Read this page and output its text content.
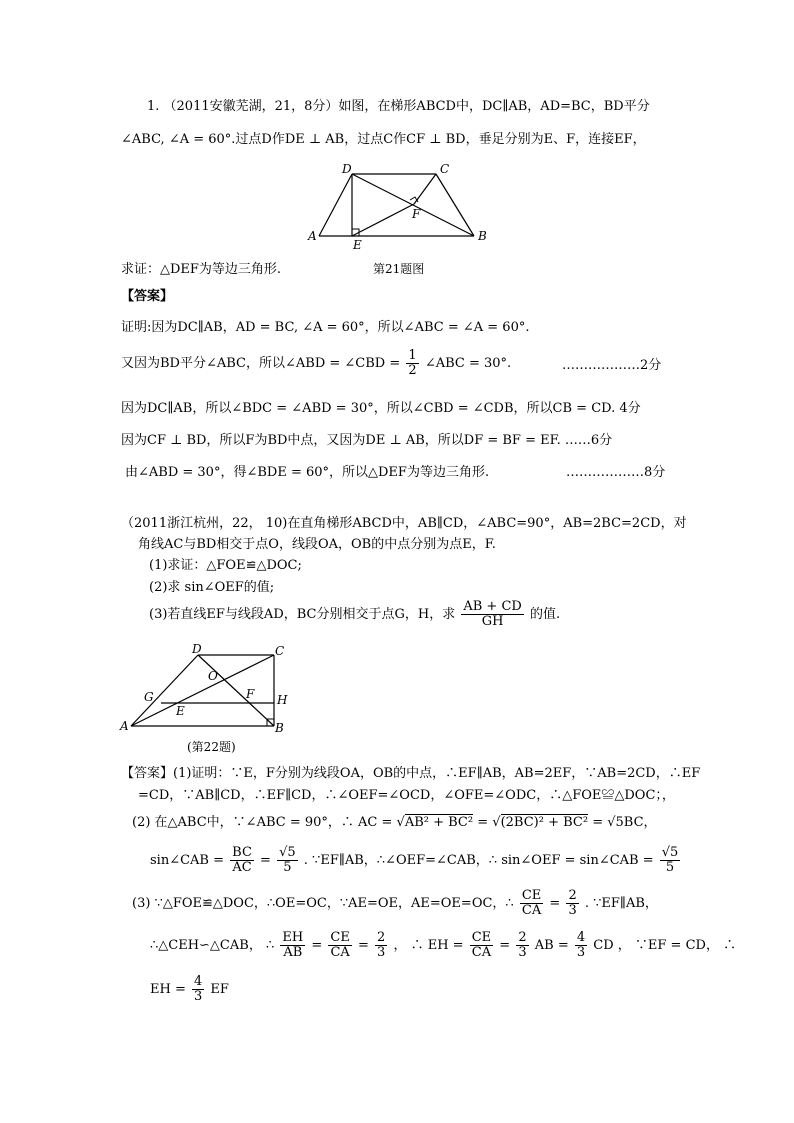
1. （2011安徽芜湖，21，8分）如图，在梯形ABCD中，DC∥AB，AD=BC，BD平分
∠ABC, ∠A = 60°.过点D作DE ⊥ AB，过点C作CF ⊥ BD，垂足分别为E、F，连接EF，
D	C
A
E
F
B
求证：△DEF为等边三角形.	第21题图
【答案】
证明:因为DC∥AB，AD = BC, ∠A = 60°，所以∠ABC = ∠A = 60°.
又因为BD平分∠ABC，所以∠ABD = ∠CBD = $\frac{1}{2}$ ∠ABC = 30°.	………………2分
因为DC∥AB，所以∠BDC = ∠ABD = 30°，所以∠CBD = ∠CDB，所以CB = CD. 4分
因为CF ⊥ BD，所以F为BD中点，又因为DE ⊥ AB，所以DF = BF = EF. ……6分
由∠ABD = 30°，得∠BDE = 60°，所以△DEF为等边三角形.	………………8分
（2011浙江杭州，22， 10)在直角梯形ABCD中，AB∥CD，∠ABC=90°，AB=2BC=2CD，对
角线AC与BD相交于点O，线段OA，OB的中点分别为点E，F.
(1)求证：△FOE≌△DOC;
(2)求 sin∠OEF的值;
(3)若直线EF与线段AD，BC分别相交于点G，H，求 $\frac{AB + CD}{GH}$ 的值.
D	C
O
G	F H
E
A	B
(第22题)
【答案】(1)证明：∵E，F分别为线段OA，OB的中点，∴EF∥AB，AB=2EF，∵AB=2CD，∴EF
=CD，∵AB∥CD，∴EF∥CD，∴∠OEF=∠OCD，∠OFE=∠ODC，∴△FOE≌△DOC；，
(2) 在△ABC中，∵∠ABC = 90°，∴ AC = √AB² + BC² = √(2BC)² + BC² = √5BC，
sin∠CAB = $\frac{BC}{AC} = \frac{√5}{5}$ . ∵EF∥AB，∴∠OEF=∠CAB，∴ sin∠OEF = sin∠CAB = $\frac{√5}{5}$
(3) ∵△FOE≌△DOC，∴OE=OC，∵AE=OE，AE=OE=OC，∴ $\frac{CE}{CA} = \frac{2}{3}$ . ∵EF∥AB，
∴△CEH∽△CAB， ∴ $\frac{EH}{AB} = \frac{CE}{CA} = \frac{2}{3}$ ， ∴ EH = $\frac{CE}{CA} = \frac{2}{3}$ AB = $\frac{4}{3}$ CD ， ∵EF = CD， ∴
EH = $\frac{4}{3}$ EF
